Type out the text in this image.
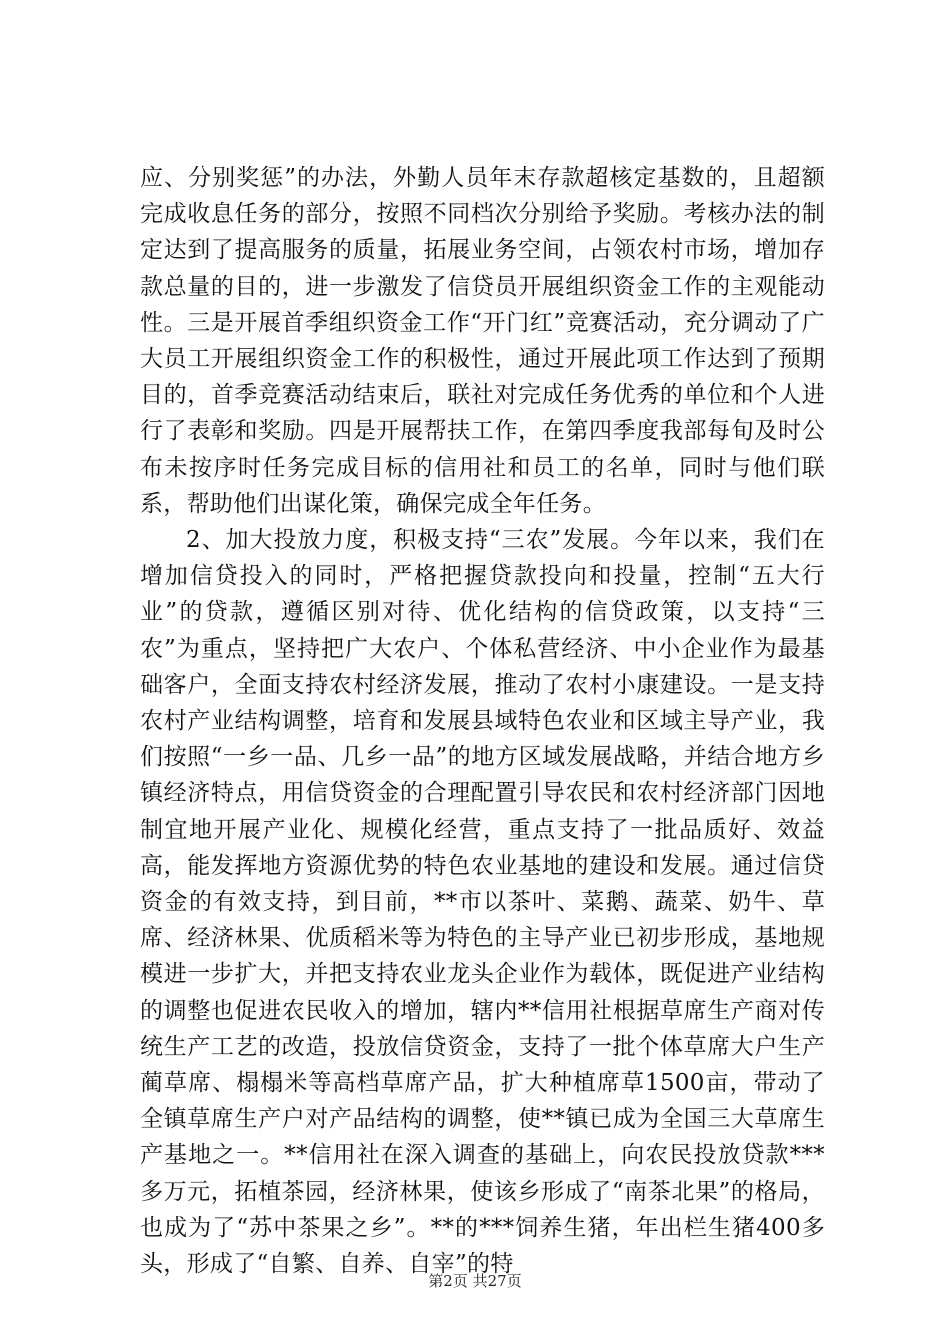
应、分别奖惩”的办法，外勤人员年末存款超核定基数的，且超额完成收息任务的部分，按照不同档次分别给予奖励。考核办法的制定达到了提高服务的质量，拓展业务空间，占领农村市场，增加存款总量的目的，进一步激发了信贷员开展组织资金工作的主观能动性。三是开展首季组织资金工作“开门红”竞赛活动，充分调动了广大员工开展组织资金工作的积极性，通过开展此项工作达到了预期目的，首季竞赛活动结束后，联社对完成任务优秀的单位和个人进行了表彰和奖励。四是开展帮扶工作，在第四季度我部每旬及时公布未按序时任务完成目标的信用社和员工的名单，同时与他们联系，帮助他们出谋化策，确保完成全年任务。

2、加大投放力度，积极支持“三农”发展。今年以来，我们在增加信贷投入的同时，严格把握贷款投向和投量，控制“五大行业”的贷款，遵循区别对待、优化结构的信贷政策，以支持“三农”为重点，坚持把广大农户、个体私营经济、中小企业作为最基础客户，全面支持农村经济发展，推动了农村小康建设。一是支持农村产业结构调整，培育和发展县域特色农业和区域主导产业，我们按照“一乡一品、几乡一品”的地方区域发展战略，并结合地方乡镇经济特点，用信贷资金的合理配置引导农民和农村经济部门因地制宜地开展产业化、规模化经营，重点支持了一批品质好、效益高，能发挥地方资源优势的特色农业基地的建设和发展。通过信贷资金的有效支持，到目前，**市以茶叶、菜鹅、蔬菜、奶牛、草席、经济林果、优质稻米等为特色的主导产业已初步形成，基地规模进一步扩大，并把支持农业龙头企业作为载体，既促进产业结构的调整也促进农民收入的增加，辖内**信用社根据草席生产商对传统生产工艺的改造，投放信贷资金，支持了一批个体草席大户生产蔺草席、榻榻米等高档草席产品，扩大种植席草1500亩，带动了全镇草席生产户对产品结构的调整，使**镇已成为全国三大草席生产基地之一。**信用社在深入调查的基础上，向农民投放贷款***多万元，拓植茶园，经济林果，使该乡形成了“南茶北果”的格局，也成为了“苏中茶果之乡”。**的***饲养生猪，年出栏生猪400多头，形成了“自繁、自养、自宰”的特

第2页 共27页
